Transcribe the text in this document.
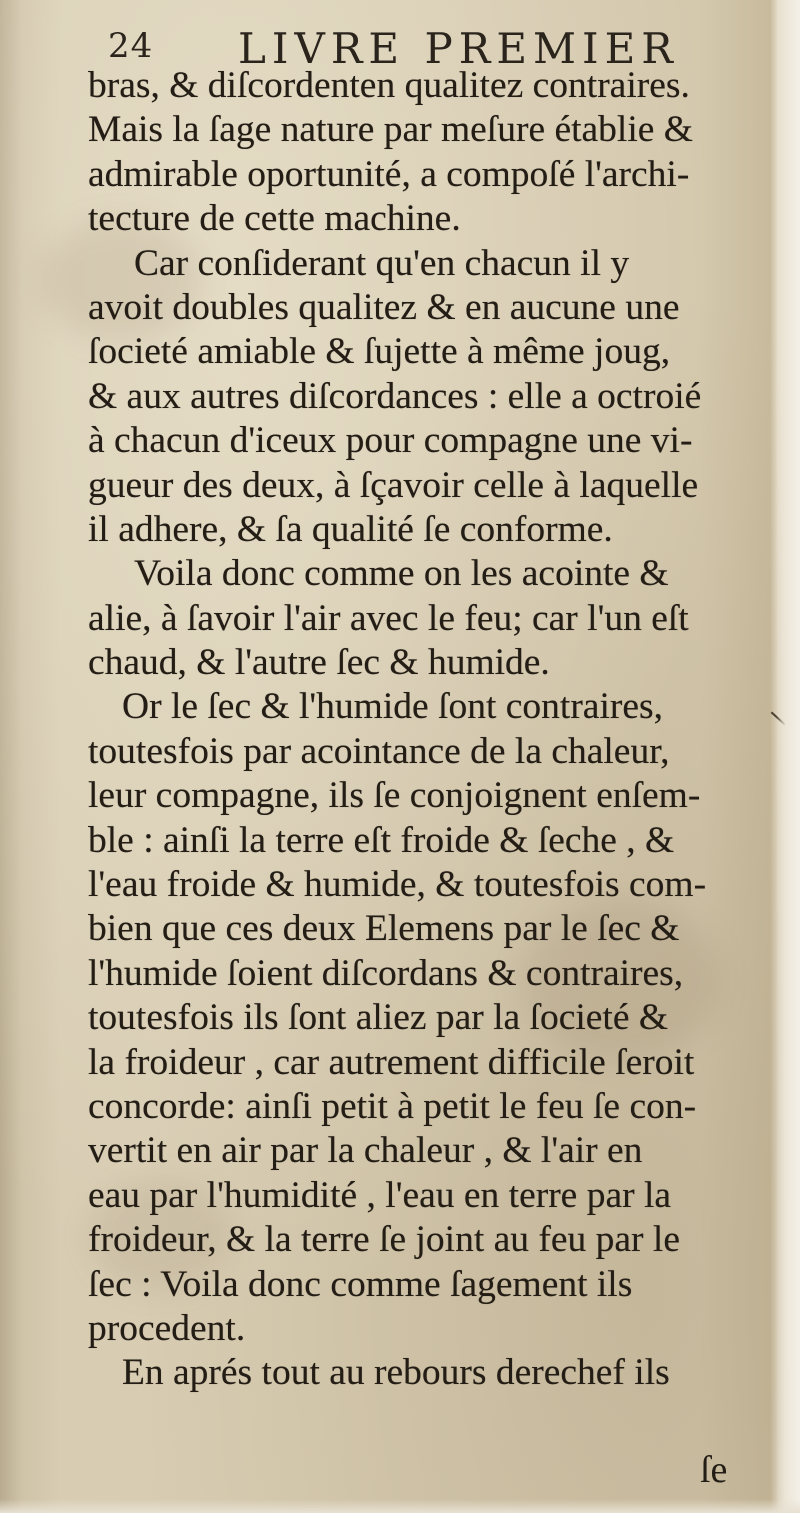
24 LIVRE PREMIER
bras, & diſcordenten qualitez contraires.
Mais la ſage nature par meſure établie &
admirable oportunité, a compoſé l'archi-
tecture de cette machine.
Car conſiderant qu'en chacun il y
avoit doubles qualitez & en aucune une
ſocieté amiable & ſujette à même joug,
& aux autres diſcordances : elle a octroié
à chacun d'iceux pour compagne une vi-
gueur des deux, à ſçavoir celle à laquelle
il adhere, & ſa qualité ſe conforme.
Voila donc comme on les acointe &
alie, à ſavoir l'air avec le feu; car l'un eſt
chaud, & l'autre ſec & humide.
Or le ſec & l'humide ſont contraires,
toutesfois par acointance de la chaleur,
leur compagne, ils ſe conjoignent enſem-
ble : ainſi la terre eſt froide & ſeche , &
l'eau froide & humide, & toutesfois com-
bien que ces deux Elemens par le ſec &
l'humide ſoient diſcordans & contraires,
toutesfois ils ſont aliez par la ſocieté &
la froideur , car autrement difficile ſeroit
concorde: ainſi petit à petit le feu ſe con-
vertit en air par la chaleur , & l'air en
eau par l'humidité , l'eau en terre par la
froideur, & la terre ſe joint au feu par le
ſec : Voila donc comme ſagement ils
procedent.
En aprés tout au rebours derechef ils
ſe
